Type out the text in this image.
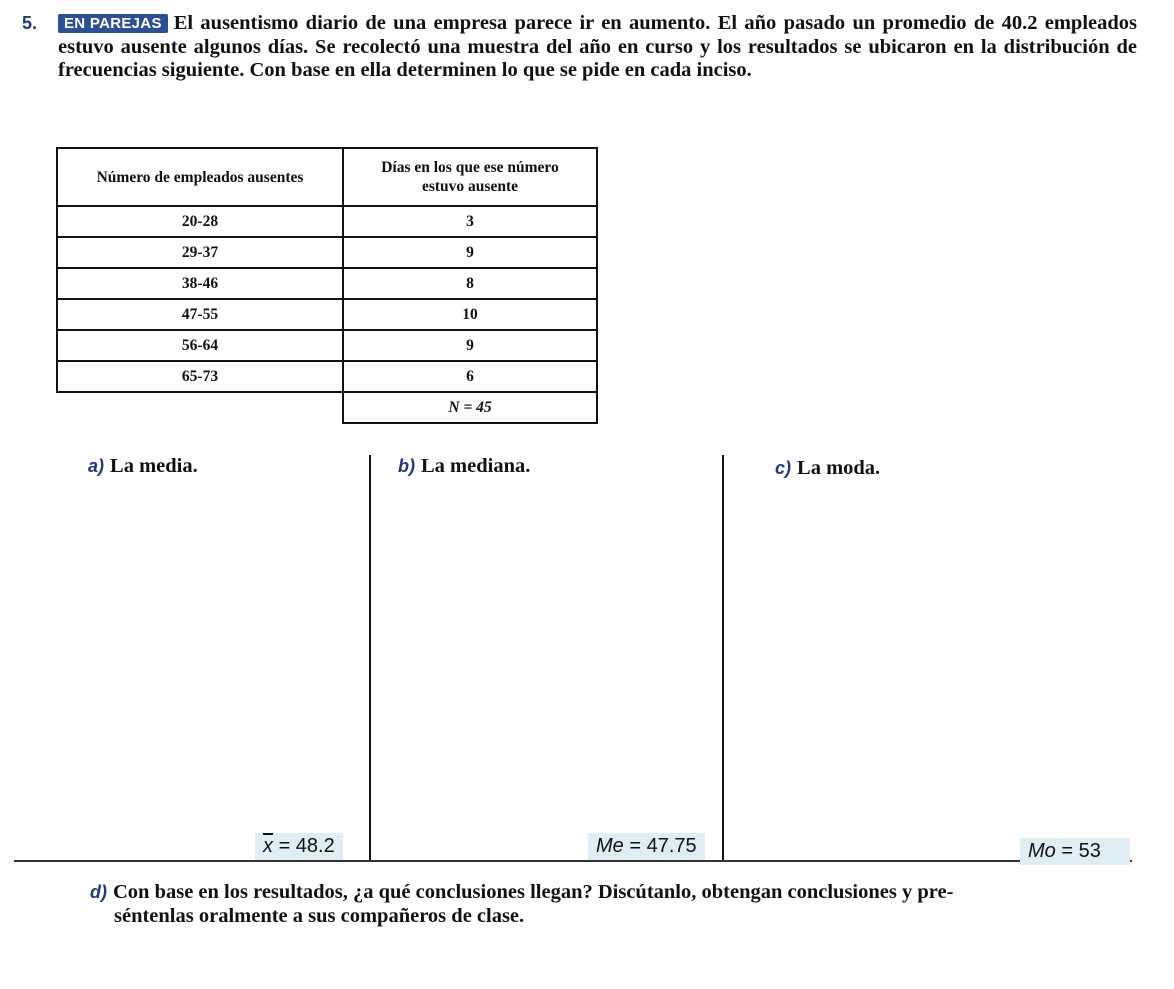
5.	EN PAREJAS El ausentismo diario de una empresa parece ir en aumento. El año pasado un promedio de 40.2 empleados estuvo ausente algunos días. Se recolectó una muestra del año en curso y los resultados se ubicaron en la distribución de frecuencias siguiente. Con base en ella determinen lo que se pide en cada inciso.
Número de empleados ausentes	Días en los que ese número estuvo ausente

20-28	3
29-37	9
38-46	8
47-55	10
56-64	9
65-73	6
	N = 45
a) La media.	b) La mediana.	c) La moda.
$\overline{x} = 48.2$	Me = 47.75	Mo = 53
d) Con base en los resultados, ¿a qué conclusiones llegan? Discútanlo, obtengan conclusiones y pre-
séntenlas oralmente a sus compañeros de clase.
